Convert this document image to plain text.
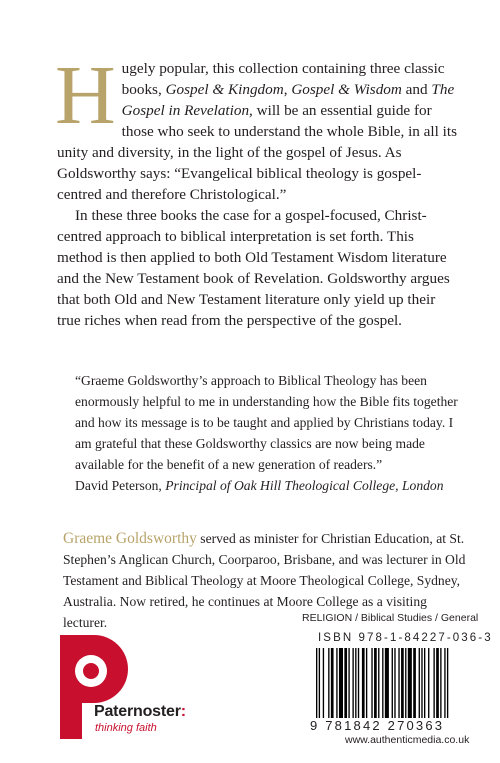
Hugely popular, this collection containing three classic books, Gospel & Kingdom, Gospel & Wisdom and The Gospel in Revelation, will be an essential guide for those who seek to understand the whole Bible, in all its unity and diversity, in the light of the gospel of Jesus. As Goldsworthy says: “Evangelical biblical theology is gospel-centred and therefore Christological.”

In these three books the case for a gospel-focused, Christ-centred approach to biblical interpretation is set forth. This method is then applied to both Old Testament Wisdom literature and the New Testament book of Revelation. Goldsworthy argues that both Old and New Testament literature only yield up their true riches when read from the perspective of the gospel.

“Graeme Goldsworthy’s approach to Biblical Theology has been enormously helpful to me in understanding how the Bible fits together and how its message is to be taught and applied by Christians today. I am grateful that these Goldsworthy classics are now being made available for the benefit of a new generation of readers.”

David Peterson, Principal of Oak Hill Theological College, London

Graeme Goldsworthy served as minister for Christian Education, at St. Stephen’s Anglican Church, Coorparoo, Brisbane, and was lecturer in Old Testament and Biblical Theology at Moore Theological College, Sydney, Australia. Now retired, he continues at Moore College as a visiting lecturer.	RELIGION / Biblical Studies / General
ISBN 978-1-84227-036-3
9 781842 270363
www.authenticmedia.co.uk
Paternoster:
thinking faith
